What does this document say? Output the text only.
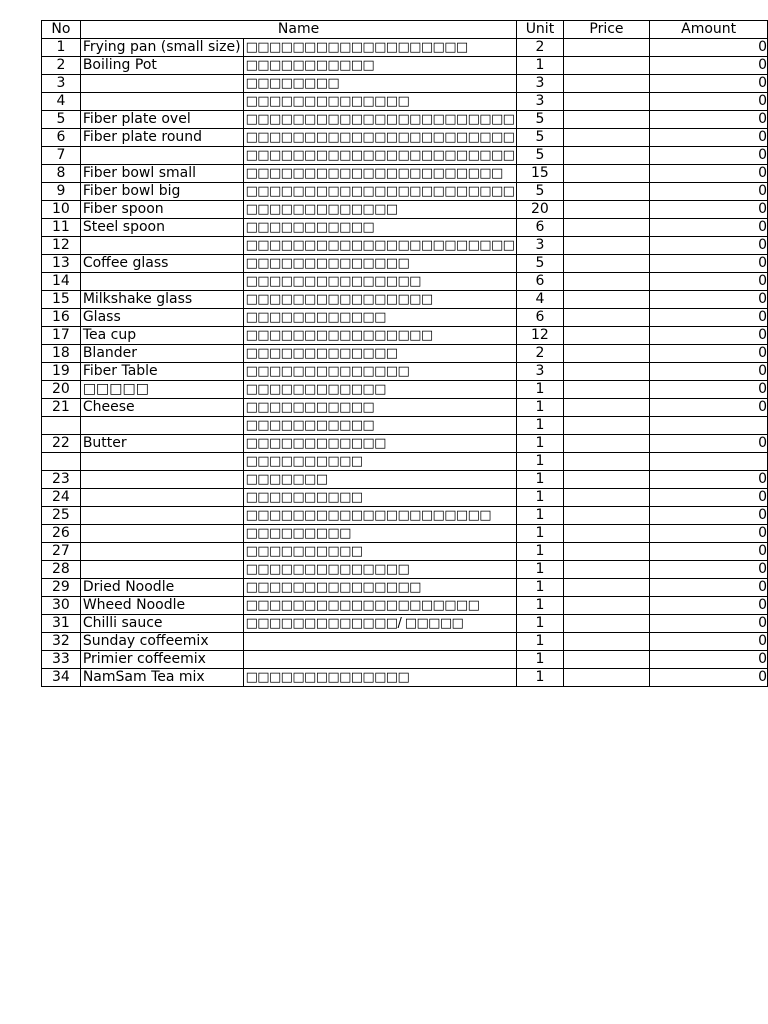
No	Name		Unit	Price	Amount
1	Frying pan (small size)	□□□□□□□□□□□□□□□□□□□	2		0
2	Boiling Pot	□□□□□□□□□□□	1		0
3		□□□□□□□□	3		0
4		□□□□□□□□□□□□□□	3		0
5	Fiber plate ovel	□□□□□□□□□□□□□□□□□□□□□□□	5		0
6	Fiber plate round	□□□□□□□□□□□□□□□□□□□□□□□	5		0
7		□□□□□□□□□□□□□□□□□□□□□□□	5		0
8	Fiber bowl small	□□□□□□□□□□□□□□□□□□□□□□	15		0
9	Fiber bowl big	□□□□□□□□□□□□□□□□□□□□□□□	5		0
10	Fiber spoon	□□□□□□□□□□□□□	20		0
11	Steel spoon	□□□□□□□□□□□	6		0
12		□□□□□□□□□□□□□□□□□□□□□□□	3		0
13	Coffee glass	□□□□□□□□□□□□□□	5		0
14		□□□□□□□□□□□□□□□	6		0
15	Milkshake glass	□□□□□□□□□□□□□□□□	4		0
16	Glass	□□□□□□□□□□□□	6		0
17	Tea cup	□□□□□□□□□□□□□□□□	12		0
18	Blander	□□□□□□□□□□□□□	2		0
19	Fiber Table	□□□□□□□□□□□□□□	3		0
20	□□□□□	□□□□□□□□□□□□	1		0
21	Cheese	□□□□□□□□□□□	1		0
		□□□□□□□□□□□	1		
22	Butter	□□□□□□□□□□□□	1		0
		□□□□□□□□□□	1		
23		□□□□□□□	1		0
24		□□□□□□□□□□	1		0
25		□□□□□□□□□□□□□□□□□□□□□	1		0
26		□□□□□□□□□	1		0
27		□□□□□□□□□□	1		0
28		□□□□□□□□□□□□□□	1		0
29	Dried Noodle	□□□□□□□□□□□□□□□	1		0
30	Wheed Noodle	□□□□□□□□□□□□□□□□□□□□	1		0
31	Chilli sauce	□□□□□□□□□□□□□/ □□□□□	1		0
32	Sunday coffeemix		1		0
33	Primier coffeemix		1		0
34	NamSam Tea mix	□□□□□□□□□□□□□□	1		0
